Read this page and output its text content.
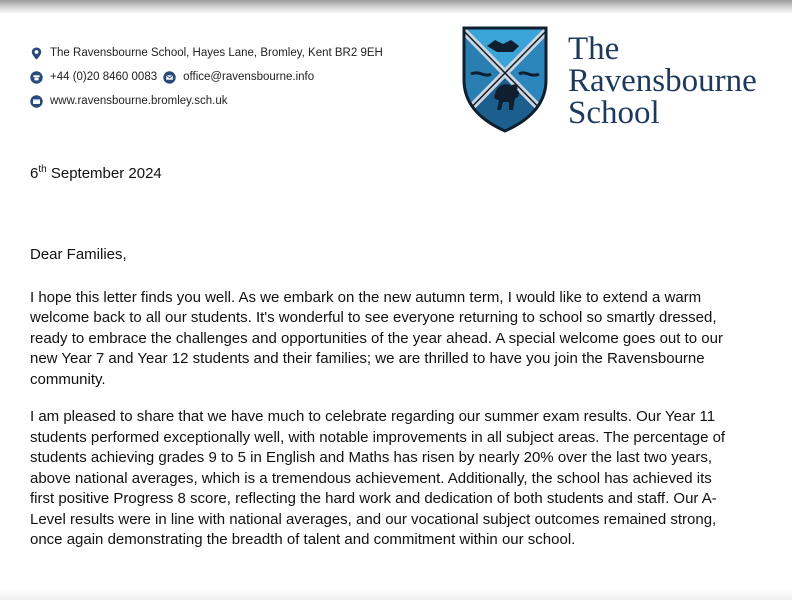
The Ravensbourne School, Hayes Lane, Bromley, Kent BR2 9EH
+44 (0)20 8460 0083 office@ravensbourne.info
www.ravensbourne.bromley.sch.uk
The
Ravensbourne
School
6th September 2024

Dear Families,

I hope this letter finds you well. As we embark on the new autumn term, I would like to extend a warm welcome back to all our students. It's wonderful to see everyone returning to school so smartly dressed, ready to embrace the challenges and opportunities of the year ahead. A special welcome goes out to our new Year 7 and Year 12 students and their families; we are thrilled to have you join the Ravensbourne community.

I am pleased to share that we have much to celebrate regarding our summer exam results. Our Year 11 students performed exceptionally well, with notable improvements in all subject areas. The percentage of students achieving grades 9 to 5 in English and Maths has risen by nearly 20% over the last two years, above national averages, which is a tremendous achievement. Additionally, the school has achieved its first positive Progress 8 score, reflecting the hard work and dedication of both students and staff. Our A-Level results were in line with national averages, and our vocational subject outcomes remained strong, once again demonstrating the breadth of talent and commitment within our school.
